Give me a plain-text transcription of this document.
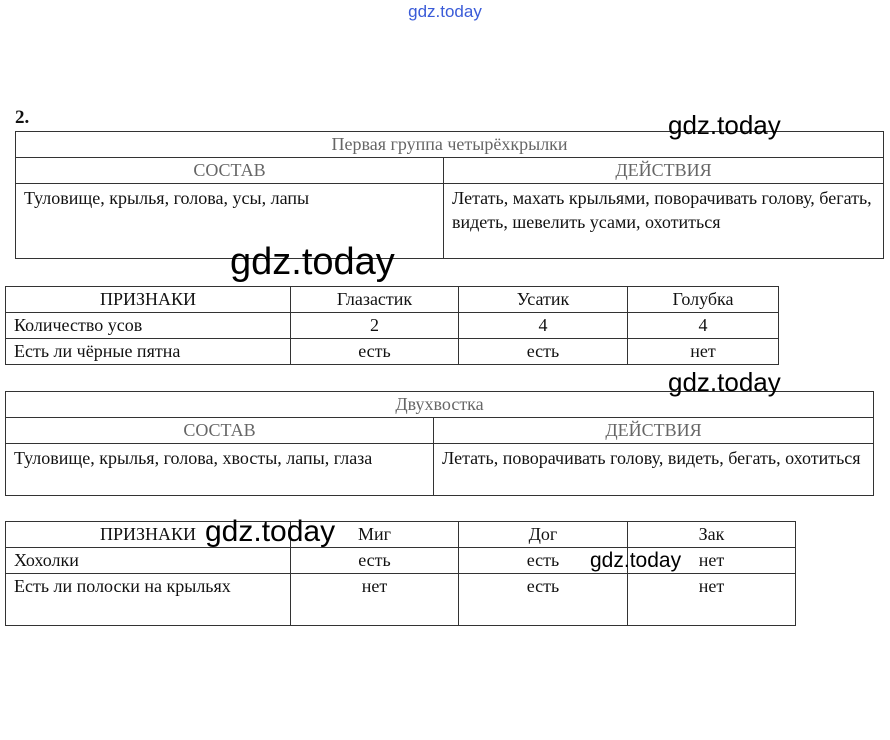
gdz.today
2.
Первая группа четырёхкрылки	
СОСТАВ	ДЕЙСТВИЯ
Туловище, крылья, голова, усы, лапы	Летать, махать крыльями, поворачивать голову, бегать, видеть, шевелить усами, охотиться
ПРИЗНАКИ	Глазастик	Усатик	Голубка
Количество усов	2	4	4
Есть ли чёрные пятна	есть	есть	нет
Двухвостка	
СОСТАВ	ДЕЙСТВИЯ
Туловище, крылья, голова, хвосты, лапы, глаза	Летать, поворачивать голову, видеть, бегать, охотиться
ПРИЗНАКИ	Миг	Дог	Зак
Хохолки	есть	есть	нет
Есть ли полоски на крыльях	нет	есть	нет
gdz.today
gdz.today
gdz.today
gdz.today
gdz.today
